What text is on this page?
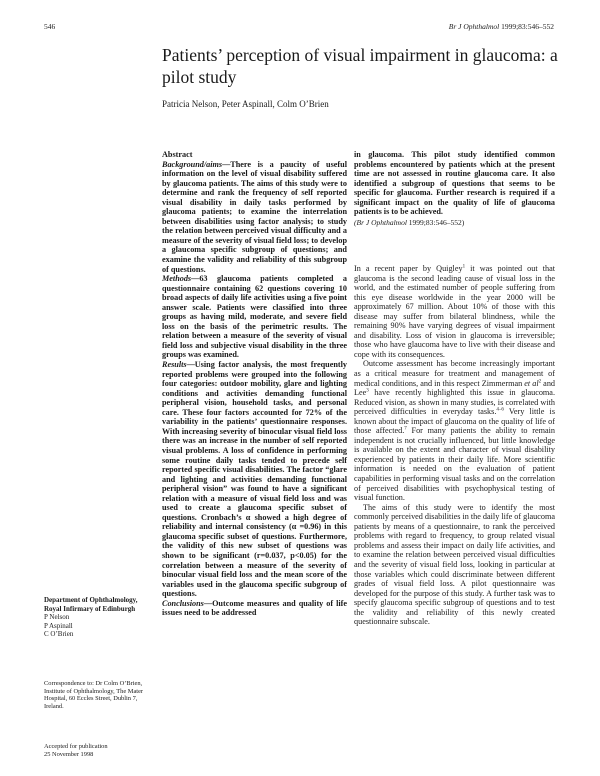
546	Br J Ophthalmol 1999;83:546–552
Patients’ perception of visual impairment in glaucoma: a pilot study
Patricia Nelson, Peter Aspinall, Colm O’Brien

Abstract

Background/aims—There is a paucity of useful information on the level of visual disability suffered by glaucoma patients. The aims of this study were to determine and rank the frequency of self reported visual disability in daily tasks performed by glaucoma patients; to examine the interrelation between disabilities using factor analysis; to study the relation between perceived visual difficulty and a measure of the severity of visual field loss; to develop a glaucoma specific subgroup of questions; and examine the validity and reliability of this subgroup of questions.

Methods—63 glaucoma patients completed a questionnaire containing 62 questions covering 10 broad aspects of daily life activities using a five point answer scale. Patients were classified into three groups as having mild, moderate, and severe field loss on the basis of the perimetric results. The relation between a measure of the severity of visual field loss and subjective visual disability in the three groups was examined.

Results—Using factor analysis, the most frequently reported problems were grouped into the following four categories: outdoor mobility, glare and lighting conditions and activities demanding functional peripheral vision, household tasks, and personal care. These four factors accounted for 72% of the variability in the patients’ questionnaire responses. With increasing severity of binocular visual field loss there was an increase in the number of self reported visual problems. A loss of confidence in performing some routine daily tasks tended to precede self reported specific visual disabilities. The factor “glare and lighting and activities demanding functional peripheral vision” was found to have a significant relation with a measure of visual field loss and was used to create a glaucoma specific subset of questions. Cronbach’s α showed a high degree of reliability and internal consistency (α =0.96) in this glaucoma specific subset of questions. Furthermore, the validity of this new subset of questions was shown to be significant (r=0.037, p<0.05) for the correlation between a measure of the severity of binocular visual field loss and the mean score of the variables used in the glaucoma specific subgroup of questions.

Conclusions—Outcome measures and quality of life issues need to be addressed

in glaucoma. This pilot study identified common problems encountered by patients which at the present time are not assessed in routine glaucoma care. It also identified a subgroup of questions that seems to be specific for glaucoma. Further research is required if a significant impact on the quality of life of glaucoma patients is to be achieved.

(Br J Ophthalmol 1999;83:546–552)

In a recent paper by Quigley$^1$ it was pointed out that glaucoma is the second leading cause of visual loss in the world, and the estimated number of people suffering from this eye disease worldwide in the year 2000 will be approximately 67 million. About 10% of those with this disease may suffer from bilateral blindness, while the remaining 90% have varying degrees of visual impairment and disability. Loss of vision in glaucoma is irreversible; those who have glaucoma have to live with their disease and cope with its consequences.

Outcome assessment has become increasingly important as a critical measure for treatment and management of medical conditions, and in this respect Zimmerman et $al^2$ and Lee$^3$ have recently highlighted this issue in glaucoma. Reduced vision, as shown in many studies, is correlated with perceived difficulties in everyday tasks.$^{4-6}$ Very little is known about the impact of glaucoma on the quality of life of those affected.$^7$ For many patients the ability to remain independent is not crucially influenced, but little knowledge is available on the extent and character of visual disability experienced by patients in their daily life. More scientific information is needed on the evaluation of patient capabilities in performing visual tasks and on the correlation of perceived disabilities with psychophysical testing of visual function.

The aims of this study were to identify the most commonly perceived disabilities in the daily life of glaucoma patients by means of a questionnaire, to rank the perceived problems with regard to frequency, to group related visual problems and assess their impact on daily life activities, and to examine the relation between perceived visual difficulties and the severity of visual field loss, looking in particular at those variables which could discriminate between different grades of visual field loss. A pilot questionnaire was developed for the purpose of this study. A further task was to specify glaucoma specific subgroup of questions and to test the validity and reliability of this newly created questionnaire subscale.

Department of Ophthalmology, Royal Infirmary of Edinburgh
P Nelson
P Aspinall
C O’Brien
Correspondence to: Dr Colm O’Brien, Institute of Ophthalmology, The Mater Hospital, 60 Eccles Street, Dublin 7, Ireland.
Accepted for publication
25 November 1998
